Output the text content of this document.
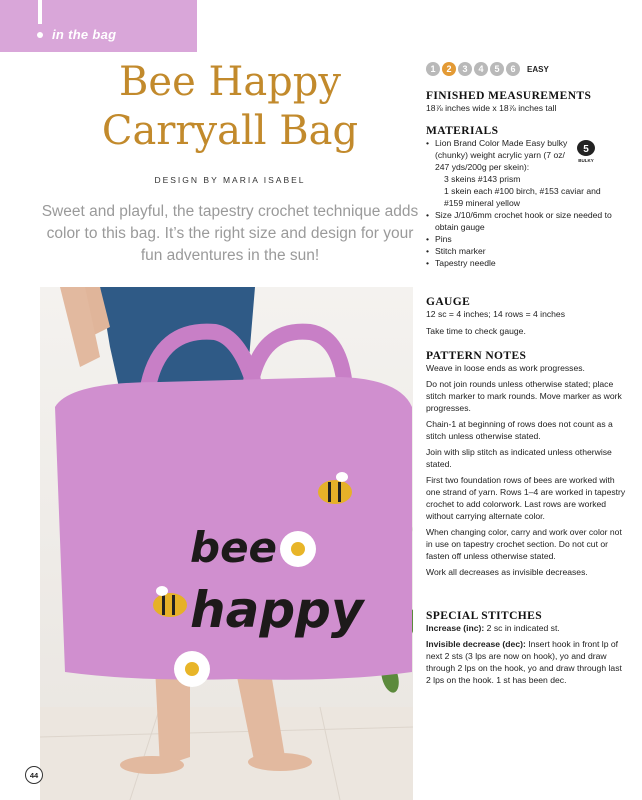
in the bag
Bee Happy
Carryall Bag
DESIGN BY MARIA ISABEL
Sweet and playful, the tapestry crochet technique adds color to this bag. It’s the right size and design for your fun adventures in the sun!
bee
happy
1	2	3	4	5	6	EASY
FINISHED MEASUREMENTS

18⅞ inches wide x 18⅞ inches tall

MATERIALS
• Lion Brand Color Made Easy bulky (chunky) weight acrylic yarn (7 oz/ 247 yds/200g per skein):
3 skeins #143 prism
1 skein each #100 birch, #153 caviar and #159 mineral yellow
• Size J/10/6mm crochet hook or size needed to obtain gauge
• Pins
• Stitch marker
• Tapestry needle
5
BULKY
GAUGE

12 sc = 4 inches; 14 rows = 4 inches

Take time to check gauge.

PATTERN NOTES

Weave in loose ends as work progresses.

Do not join rounds unless otherwise stated; place stitch marker to mark rounds. Move marker as work progresses.

Chain-1 at beginning of rows does not count as a stitch unless otherwise stated.

Join with slip stitch as indicated unless otherwise stated.

First two foundation rows of bees are worked with one strand of yarn. Rows 1–4 are worked in tapestry crochet to add colorwork. Last rows are worked without carrying alternate color.

When changing color, carry and work over color not in use on tapestry crochet section. Do not cut or fasten off unless otherwise stated.

Work all decreases as invisible decreases.

SPECIAL STITCHES

Increase (inc): 2 sc in indicated st.

Invisible decrease (dec): Insert hook in front lp of next 2 sts (3 lps are now on hook), yo and draw through 2 lps on the hook, yo and draw through last 2 lps on the hook. 1 st has been dec.

44
